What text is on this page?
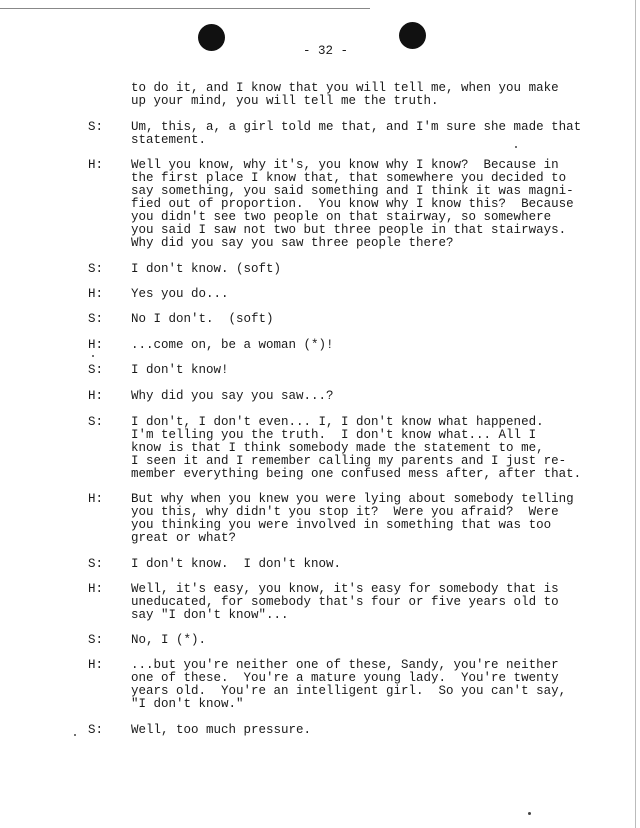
- 32 -
to do it, and I know that you will tell me, when you make
up your mind, you will tell me the truth.
S: Um, this, a, a girl told me that, and I'm sure she made that
statement.
H: Well you know, why it's, you know why I know?  Because in
the first place I know that, that somewhere you decided to
say something, you said something and I think it was magni-
fied out of proportion.  You know why I know this?  Because
you didn't see two people on that stairway, so somewhere
you said I saw not two but three people in that stairways.
Why did you say you saw three people there?
S: I don't know. (soft)
H: Yes you do...
S: No I don't.  (soft)
H: ...come on, be a woman (*)!
S: I don't know!
H: Why did you say you saw...?
S: I don't, I don't even... I, I don't know what happened.
I'm telling you the truth.  I don't know what... All I
know is that I think somebody made the statement to me,
I seen it and I remember calling my parents and I just re-
member everything being one confused mess after, after that.
H: But why when you knew you were lying about somebody telling
you this, why didn't you stop it?  Were you afraid?  Were
you thinking you were involved in something that was too
great or what?
S: I don't know.  I don't know.
H: Well, it's easy, you know, it's easy for somebody that is
uneducated, for somebody that's four or five years old to
say "I don't know"...
S: No, I (*).
H: ...but you're neither one of these, Sandy, you're neither
one of these.  You're a mature young lady.  You're twenty
years old.  You're an intelligent girl.  So you can't say,
"I don't know."
S: Well, too much pressure.
